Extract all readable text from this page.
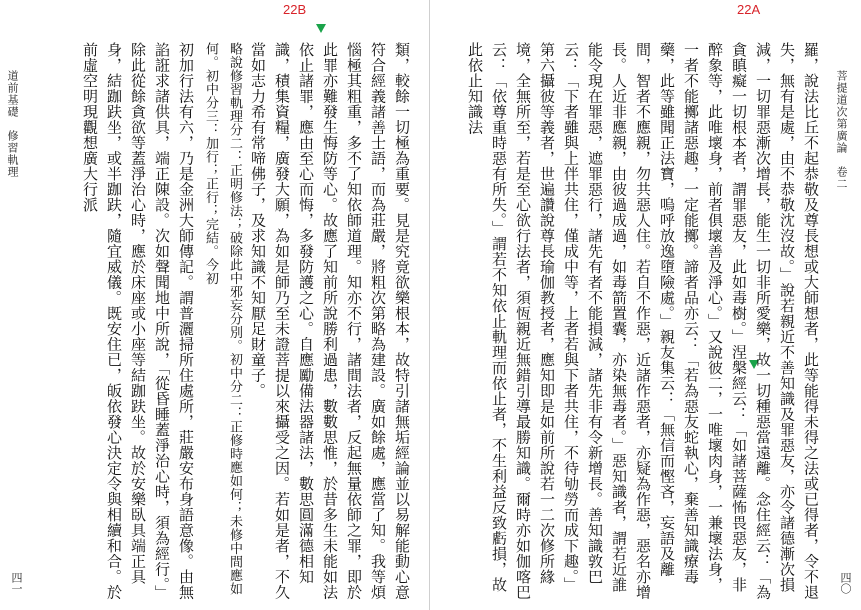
22B
道前基礎　修習軌理
四一	類，較餘一切極為重要。見是究竟欲樂根本，故特引諸無垢經論並以易解能動心意符合經義諸善士語，而為莊嚴，將粗次第略為建設。廣如餘處，應當了知。我等煩惱極其粗重，多不了知依師道理。知亦不行，諸間法者，反起無量依師之罪，即於此罪亦難發生悔防等心。故應了知前所說勝利過患，數數思惟，於昔多生未能如法依止諸罪，應由至心而悔，多發防護之心。自應勵備法器諸法，數思圓滿德相知識，積集資糧，廣發大願，為如是師乃至未證菩提以來攝受之因。若如是者，不久當如志力希有常啼佛子，及求知識不知厭足財童子。

略說修習軌理分二：正明修法；破除此中邪妄分別。初中分二：正修時應如何；未修中間應如何。初中分三：加行；正行；完結。今初

初加行法有六，乃是金洲大師傳記。謂普灑掃所住處所，莊嚴安布身語意像。由無諂誑求諸供具，端正陳設。次如聲聞地中所說，「從昏睡蓋淨治心時，須為經行。」除此從餘貪欲等蓋淨治心時，應於床座或小座等結跏趺坐。故於安樂臥具端正具身，結跏趺坐，或半跏趺，隨宜威儀。既安住已，皈依發心決定令與相續和合。於前虛空明現觀想廣大行派

22A
菩提道次第廣論　卷二
四〇

羅，說法比丘不起恭敬及尊長想或大師想者，此等能得未得之法或已得者，令不退失，無有是處，由不恭敬沈沒故。」說若親近不善知識及罪惡友，亦令諸德漸次損減，一切罪惡漸次增長，能生一切非所愛樂，故一切種惡當遠離。念住經云：「為貪瞋癡一切根本者，謂罪惡友，此如毒樹。」涅槃經云：「如諸菩薩怖畏惡友，非醉象等，此唯壞身，前者俱壞善及淨心。」又說彼二，一唯壞肉身，一兼壞法身，一者不能擲諸惡趣，一定能擲。諦者品亦云：「若為惡友蛇執心，棄善知識療毒藥，此等雖聞正法寶，嗚呼放逸墮險處。」親友集云：「無信而慳吝，妄語及離間，智者不應親，勿共惡人住。若自不作惡，近諸作惡者，亦疑為作惡，惡名亦增長。人近非應親，由彼過成過，如毒箭置囊，亦染無毒者。」惡知識者，謂若近誰能令現在罪惡，遮罪惡行，諸先有者不能損減，諸先非有令新增長。善知識敦巴云：「下者雖與上伴共住，僅成中等，上者若與下者共住，不待劬勞而成下趣。」

第六攝彼等義者，世遍讚說尊長瑜伽教授者，應知即是如前所說若一二次修所緣境，全無所至，若是至心欲行法者，須恆親近無錯引導最勝知識。爾時亦如伽喀巴云：「依尊重時惡有所失。」謂若不知依止軌理而依止者，不生利益反致虧損，故此依止知識法
